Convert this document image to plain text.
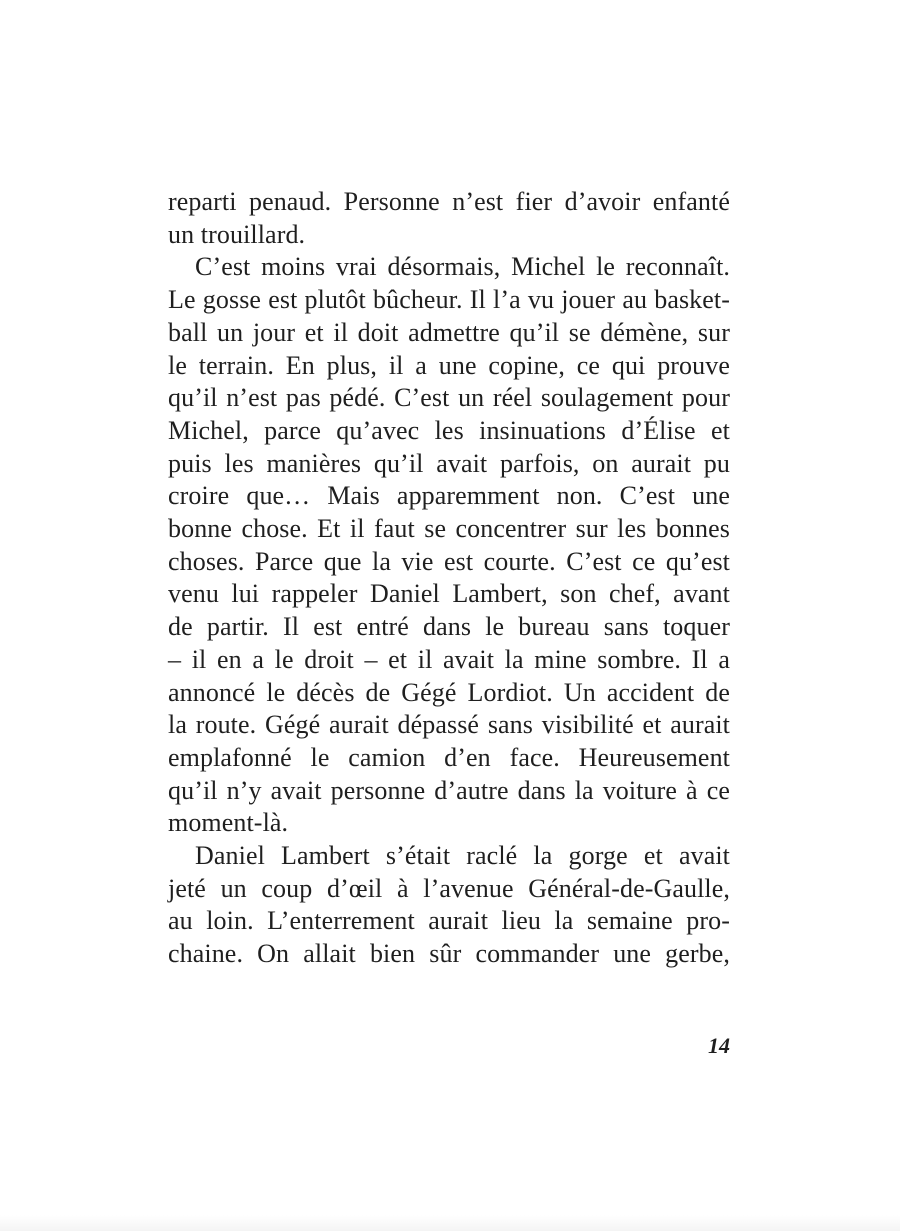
reparti penaud. Personne n’est fier d’avoir enfanté
un trouillard.
C’est moins vrai désormais, Michel le reconnaît.
Le gosse est plutôt bûcheur. Il l’a vu jouer au basket-
ball un jour et il doit admettre qu’il se démène, sur
le terrain. En plus, il a une copine, ce qui prouve
qu’il n’est pas pédé. C’est un réel soulagement pour
Michel, parce qu’avec les insinuations d’Élise et
puis les manières qu’il avait parfois, on aurait pu
croire que… Mais apparemment non. C’est une
bonne chose. Et il faut se concentrer sur les bonnes
choses. Parce que la vie est courte. C’est ce qu’est
venu lui rappeler Daniel Lambert, son chef, avant
de partir. Il est entré dans le bureau sans toquer
– il en a le droit – et il avait la mine sombre. Il a
annoncé le décès de Gégé Lordiot. Un accident de
la route. Gégé aurait dépassé sans visibilité et aurait
emplafonné le camion d’en face. Heureusement
qu’il n’y avait personne d’autre dans la voiture à ce
moment-là.
Daniel Lambert s’était raclé la gorge et avait
jeté un coup d’œil à l’avenue Général-de-Gaulle,
au loin. L’enterrement aurait lieu la semaine pro-
chaine. On allait bien sûr commander une gerbe,
14
